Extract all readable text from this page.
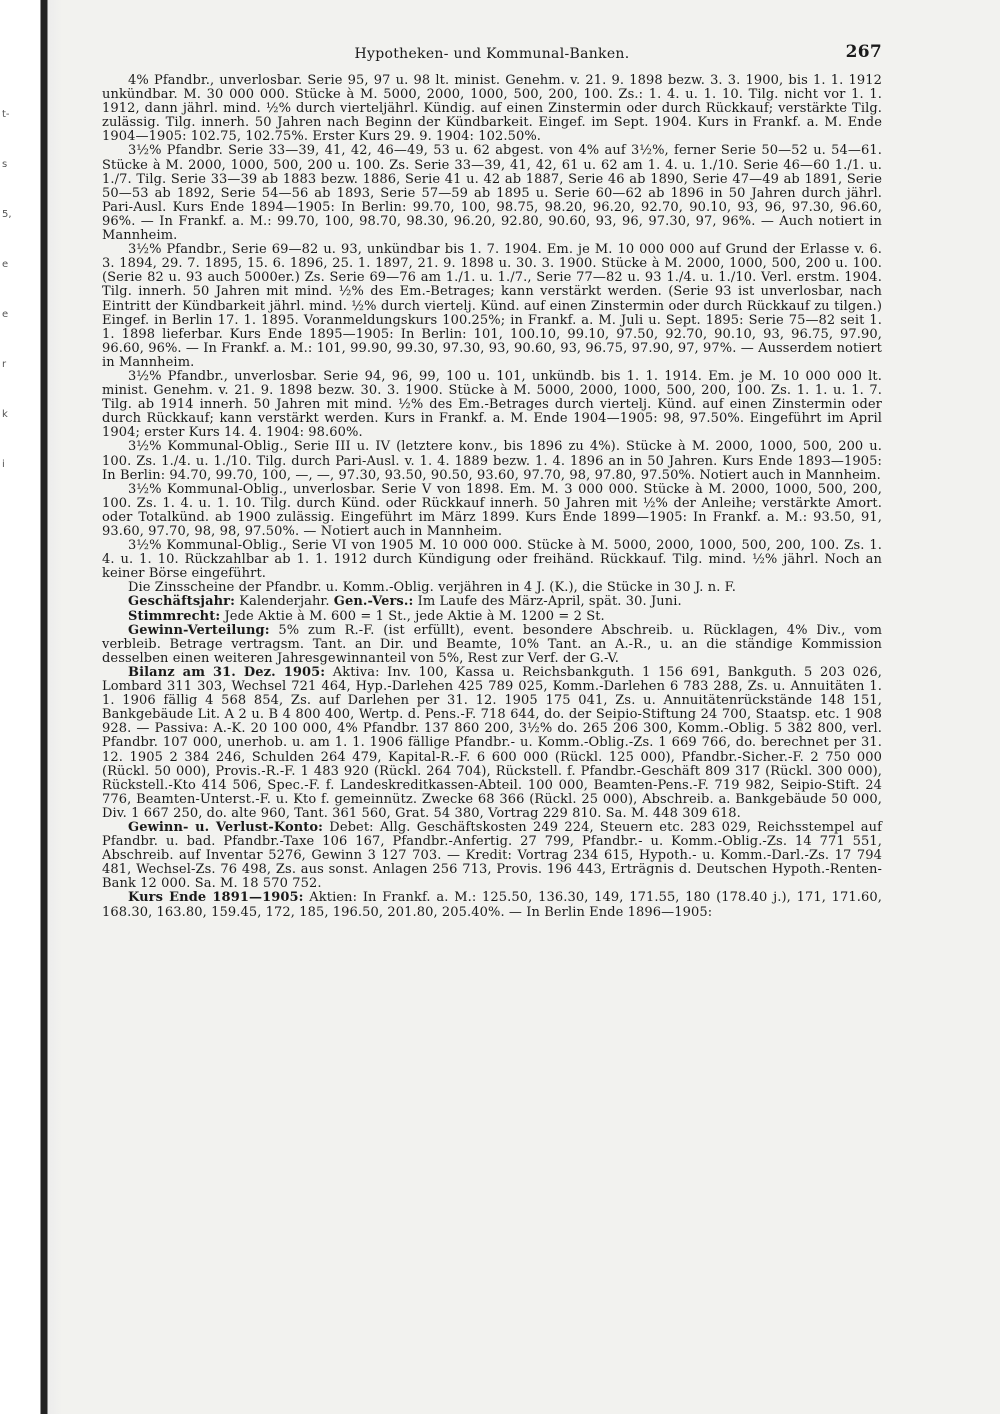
t-
s
5,
e
e
r
k
i
Hypotheken- und Kommunal-Banken.	267

4% Pfandbr., unverlosbar. Serie 95, 97 u. 98 lt. minist. Genehm. v. 21. 9. 1898 bezw. 3. 3. 1900, bis 1. 1. 1912 unkündbar. M. 30 000 000. Stücke à M. 5000, 2000, 1000, 500, 200, 100. Zs.: 1. 4. u. 1. 10. Tilg. nicht vor 1. 1. 1912, dann jährl. mind. ½% durch vierteljährl. Kündig. auf einen Zinstermin oder durch Rückkauf; verstärkte Tilg. zulässig. Tilg. innerh. 50 Jahren nach Beginn der Kündbarkeit. Eingef. im Sept. 1904. Kurs in Frankf. a. M. Ende 1904—1905: 102.75, 102.75%. Erster Kurs 29. 9. 1904: 102.50%.

3½% Pfandbr. Serie 33—39, 41, 42, 46—49, 53 u. 62 abgest. von 4% auf 3½%, ferner Serie 50—52 u. 54—61. Stücke à M. 2000, 1000, 500, 200 u. 100. Zs. Serie 33—39, 41, 42, 61 u. 62 am 1. 4. u. 1./10. Serie 46—60 1./1. u. 1./7. Tilg. Serie 33—39 ab 1883 bezw. 1886, Serie 41 u. 42 ab 1887, Serie 46 ab 1890, Serie 47—49 ab 1891, Serie 50—53 ab 1892, Serie 54—56 ab 1893, Serie 57—59 ab 1895 u. Serie 60—62 ab 1896 in 50 Jahren durch jährl. Pari-Ausl. Kurs Ende 1894—1905: In Berlin: 99.70, 100, 98.75, 98.20, 96.20, 92.70, 90.10, 93, 96, 97.30, 96.60, 96%. — In Frankf. a. M.: 99.70, 100, 98.70, 98.30, 96.20, 92.80, 90.60, 93, 96, 97.30, 97, 96%. — Auch notiert in Mannheim.

3½% Pfandbr., Serie 69—82 u. 93, unkündbar bis 1. 7. 1904. Em. je M. 10 000 000 auf Grund der Erlasse v. 6. 3. 1894, 29. 7. 1895, 15. 6. 1896, 25. 1. 1897, 21. 9. 1898 u. 30. 3. 1900. Stücke à M. 2000, 1000, 500, 200 u. 100. (Serie 82 u. 93 auch 5000er.) Zs. Serie 69—76 am 1./1. u. 1./7., Serie 77—82 u. 93 1./4. u. 1./10. Verl. erstm. 1904. Tilg. innerh. 50 Jahren mit mind. ½% des Em.-Betrages; kann verstärkt werden. (Serie 93 ist unverlosbar, nach Eintritt der Kündbarkeit jährl. mind. ½% durch viertelj. Künd. auf einen Zinstermin oder durch Rückkauf zu tilgen.) Eingef. in Berlin 17. 1. 1895. Voranmeldungskurs 100.25%; in Frankf. a. M. Juli u. Sept. 1895: Serie 75—82 seit 1. 1. 1898 lieferbar. Kurs Ende 1895—1905: In Berlin: 101, 100.10, 99.10, 97.50, 92.70, 90.10, 93, 96.75, 97.90, 96.60, 96%. — In Frankf. a. M.: 101, 99.90, 99.30, 97.30, 93, 90.60, 93, 96.75, 97.90, 97, 97%. — Ausserdem notiert in Mannheim.

3½% Pfandbr., unverlosbar. Serie 94, 96, 99, 100 u. 101, unkündb. bis 1. 1. 1914. Em. je M. 10 000 000 lt. minist. Genehm. v. 21. 9. 1898 bezw. 30. 3. 1900. Stücke à M. 5000, 2000, 1000, 500, 200, 100. Zs. 1. 1. u. 1. 7. Tilg. ab 1914 innerh. 50 Jahren mit mind. ½% des Em.-Betrages durch viertelj. Künd. auf einen Zinstermin oder durch Rückkauf; kann verstärkt werden. Kurs in Frankf. a. M. Ende 1904—1905: 98, 97.50%. Eingeführt im April 1904; erster Kurs 14. 4. 1904: 98.60%.

3½% Kommunal-Oblig., Serie III u. IV (letztere konv., bis 1896 zu 4%). Stücke à M. 2000, 1000, 500, 200 u. 100. Zs. 1./4. u. 1./10. Tilg. durch Pari-Ausl. v. 1. 4. 1889 bezw. 1. 4. 1896 an in 50 Jahren. Kurs Ende 1893—1905: In Berlin: 94.70, 99.70, 100, —, —, 97.30, 93.50, 90.50, 93.60, 97.70, 98, 97.80, 97.50%. Notiert auch in Mannheim.

3½% Kommunal-Oblig., unverlosbar. Serie V von 1898. Em. M. 3 000 000. Stücke à M. 2000, 1000, 500, 200, 100. Zs. 1. 4. u. 1. 10. Tilg. durch Künd. oder Rückkauf innerh. 50 Jahren mit ½% der Anleihe; verstärkte Amort. oder Totalkünd. ab 1900 zulässig. Eingeführt im März 1899. Kurs Ende 1899—1905: In Frankf. a. M.: 93.50, 91, 93.60, 97.70, 98, 98, 97.50%. — Notiert auch in Mannheim.

3½% Kommunal-Oblig., Serie VI von 1905 M. 10 000 000. Stücke à M. 5000, 2000, 1000, 500, 200, 100. Zs. 1. 4. u. 1. 10. Rückzahlbar ab 1. 1. 1912 durch Kündigung oder freihänd. Rückkauf. Tilg. mind. ½% jährl. Noch an keiner Börse eingeführt.

Die Zinsscheine der Pfandbr. u. Komm.-Oblig. verjähren in 4 J. (K.), die Stücke in 30 J. n. F.

Geschäftsjahr: Kalenderjahr. Gen.-Vers.: Im Laufe des März-April, spät. 30. Juni.

Stimmrecht: Jede Aktie à M. 600 = 1 St., jede Aktie à M. 1200 = 2 St.

Gewinn-Verteilung: 5% zum R.-F. (ist erfüllt), event. besondere Abschreib. u. Rücklagen, 4% Div., vom verbleib. Betrage vertragsm. Tant. an Dir. und Beamte, 10% Tant. an A.-R., u. an die ständige Kommission desselben einen weiteren Jahresgewinnanteil von 5%, Rest zur Verf. der G.-V.

Bilanz am 31. Dez. 1905: Aktiva: Inv. 100, Kassa u. Reichsbankguth. 1 156 691, Bankguth. 5 203 026, Lombard 311 303, Wechsel 721 464, Hyp.-Darlehen 425 789 025, Komm.-Darlehen 6 783 288, Zs. u. Annuitäten 1. 1. 1906 fällig 4 568 854, Zs. auf Darlehen per 31. 12. 1905 175 041, Zs. u. Annuitätenrückstände 148 151, Bankgebäude Lit. A 2 u. B 4 800 400, Wertp. d. Pens.-F. 718 644, do. der Seipio-Stiftung 24 700, Staatsp. etc. 1 908 928. — Passiva: A.-K. 20 100 000, 4% Pfandbr. 137 860 200, 3½% do. 265 206 300, Komm.-Oblig. 5 382 800, verl. Pfandbr. 107 000, unerhob. u. am 1. 1. 1906 fällige Pfandbr.- u. Komm.-Oblig.-Zs. 1 669 766, do. berechnet per 31. 12. 1905 2 384 246, Schulden 264 479, Kapital-R.-F. 6 600 000 (Rückl. 125 000), Pfandbr.-Sicher.-F. 2 750 000 (Rückl. 50 000), Provis.-R.-F. 1 483 920 (Rückl. 264 704), Rückstell. f. Pfandbr.-Geschäft 809 317 (Rückl. 300 000), Rückstell.-Kto 414 506, Spec.-F. f. Landeskreditkassen-Abteil. 100 000, Beamten-Pens.-F. 719 982, Seipio-Stift. 24 776, Beamten-Unterst.-F. u. Kto f. gemeinnütz. Zwecke 68 366 (Rückl. 25 000), Abschreib. a. Bankgebäude 50 000, Div. 1 667 250, do. alte 960, Tant. 361 560, Grat. 54 380, Vortrag 229 810. Sa. M. 448 309 618.

Gewinn- u. Verlust-Konto: Debet: Allg. Geschäftskosten 249 224, Steuern etc. 283 029, Reichsstempel auf Pfandbr. u. bad. Pfandbr.-Taxe 106 167, Pfandbr.-Anfertig. 27 799, Pfandbr.- u. Komm.-Oblig.-Zs. 14 771 551, Abschreib. auf Inventar 5276, Gewinn 3 127 703. — Kredit: Vortrag 234 615, Hypoth.- u. Komm.-Darl.-Zs. 17 794 481, Wechsel-Zs. 76 498, Zs. aus sonst. Anlagen 256 713, Provis. 196 443, Erträgnis d. Deutschen Hypoth.-Renten-Bank 12 000. Sa. M. 18 570 752.

Kurs Ende 1891—1905: Aktien: In Frankf. a. M.: 125.50, 136.30, 149, 171.55, 180 (178.40 j.), 171, 171.60, 168.30, 163.80, 159.45, 172, 185, 196.50, 201.80, 205.40%. — In Berlin Ende 1896—1905:
